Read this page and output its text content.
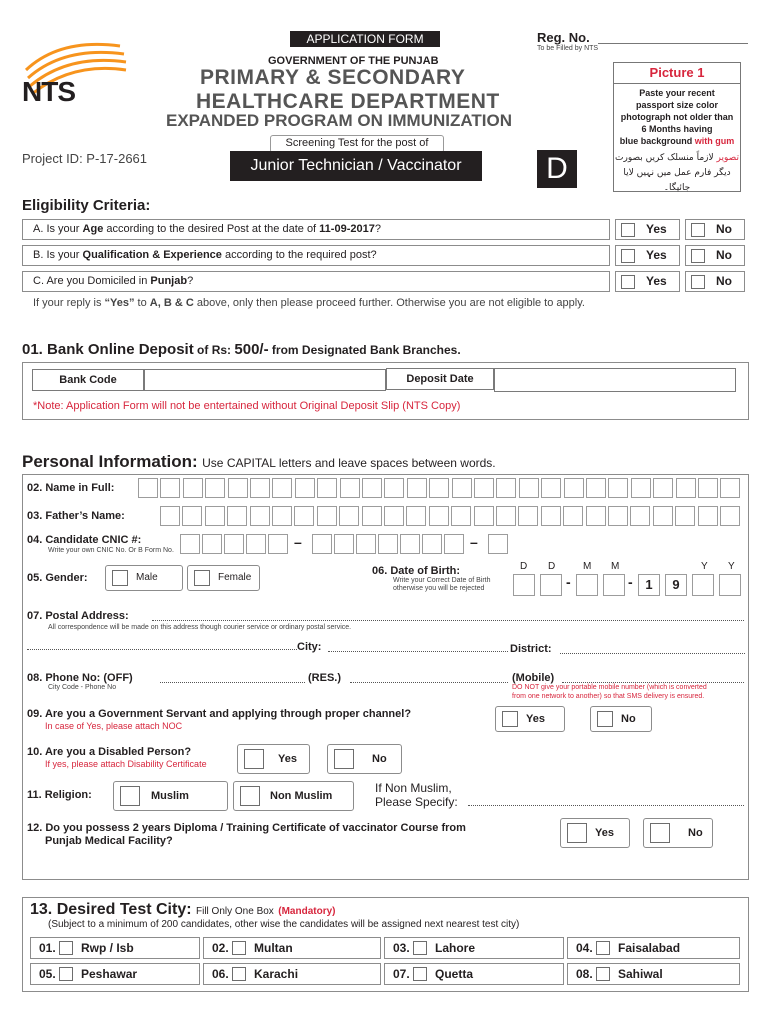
NTS
APPLICATION FORM	Reg. No.
To be Filled by NTS
GOVERNMENT OF THE PUNJAB
PRIMARY & SECONDARY
HEALTHCARE DEPARTMENT
EXPANDED PROGRAM ON IMMUNIZATION
Screening Test for the post of
Junior Technician / Vaccinator
Project ID: P-17-2661	D
Picture 1
Paste your recent
passport size color
photograph not older than
6 Months having
blue background with gum
تصویر لازماً منسلک کریں بصورت
دیگر فارم عمل میں نہیں لایا جائیگا۔
Eligibility Criteria:
A. Is your Age according to the desired Post at the date of 11-09-2017?	Yes	No
B. Is your Qualification & Experience according to the required post?	Yes	No
C. Are you Domiciled in Punjab?	Yes	No
If your reply is “Yes” to A, B & C above, only then please proceed further. Otherwise you are not eligible to apply.
01. Bank Online Deposit of Rs: 500/- from Designated Bank Branches.
Bank Code	Deposit Date
*Note: Application Form will not be entertained without Original Deposit Slip (NTS Copy)
Personal Information: Use CAPITAL letters and leave spaces between words.
02. Name in Full:
03. Father’s Name:
04. Candidate CNIC #:
Write your own CNIC No. Or B Form No.
–	–
05. Gender:	Male	Female
06. Date of Birth:
Write your Correct Date of Birth
otherwise you will be rejected
D D	M M	Y Y
-	- 1	9
07. Postal Address:
All correspondence will be made on this address though courier service or ordinary postal service.
City:	District:
08. Phone No: (OFF)
City Code - Phone No
(RES.)	(Mobile)
DO NOT give your portable mobile number (which is converted
from one network to another) so that SMS delivery is ensured.
09. Are you a Government Servant and applying through proper channel?
In case of Yes, please attach NOC
Yes	No
10. Are you a Disabled Person?
If yes, please attach Disability Certificate	Yes	No
11. Religion:	Muslim	Non Muslim
If Non Muslim,
Please Specify:
12. Do you possess 2 years Diploma / Training Certificate of vaccinator Course from
Punjab Medical Facility?
Yes	No
13. Desired Test City: Fill Only One Box (Mandatory)
(Subject to a minimum of 200 candidates, other wise the candidates will be assigned next nearest test city)
01. Rwp / Isb	02. Multan	03. Lahore	04. Faisalabad
05. Peshawar	06. Karachi	07. Quetta	08. Sahiwal
